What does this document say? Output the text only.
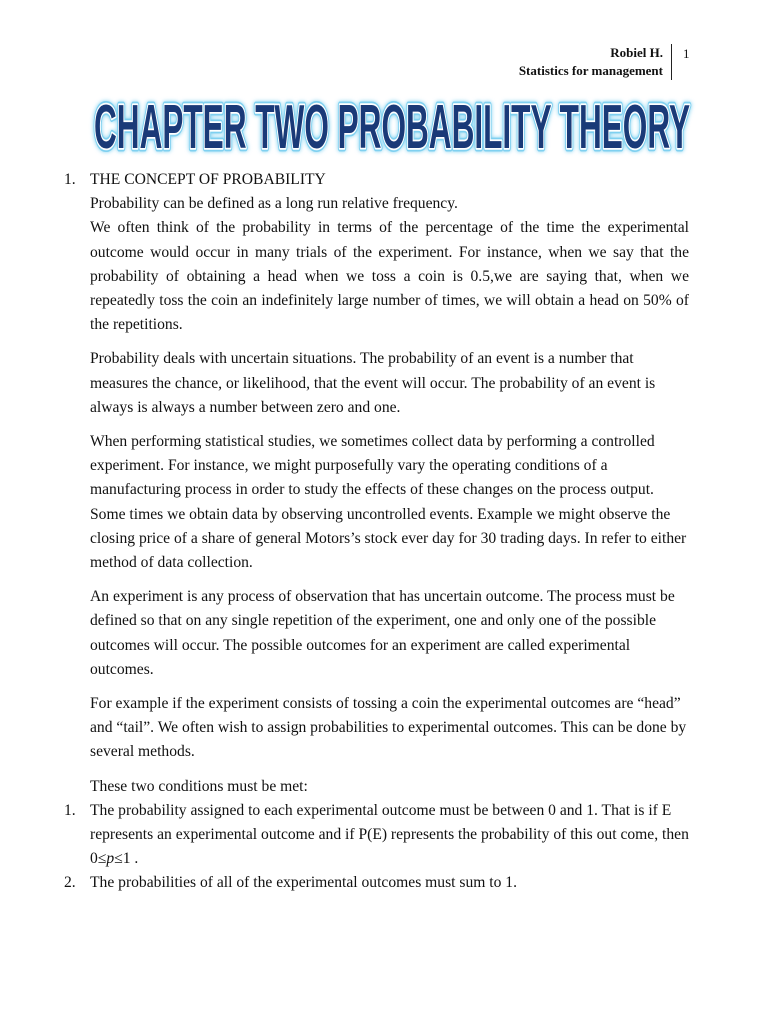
Robiel H.
Statistics for management
1
CHAPTER TWO PROBABILITY THEORY
CHAPTER TWO PROBABILITY THEORY
CHAPTER TWO PROBABILITY THEORY
1. THE CONCEPT OF PROBABILITY

Probability can be defined as a long run relative frequency.

We often think of the probability in terms of the percentage of the time the experimental outcome would occur in many trials of the experiment. For instance, when we say that the probability of obtaining a head when we toss a coin is 0.5,we are saying that, when we repeatedly toss the coin an indefinitely large number of times, we will obtain a head on 50% of the repetitions.

Probability deals with uncertain situations. The probability of an event is a number that measures the chance, or likelihood, that the event will occur. The probability of an event is always is always a number between zero and one.

When performing statistical studies, we sometimes collect data by performing a controlled experiment. For instance, we might purposefully vary the operating conditions of a manufacturing process in order to study the effects of these changes on the process output. Some times we obtain data by observing uncontrolled events. Example we might observe the closing price of a share of general Motors’s stock ever day for 30 trading days. In refer to either method of data collection.

An experiment is any process of observation that has uncertain outcome. The process must be defined so that on any single repetition of the experiment, one and only one of the possible outcomes will occur. The possible outcomes for an experiment are called experimental outcomes.

For example if the experiment consists of tossing a coin the experimental outcomes are “head” and “tail”. We often wish to assign probabilities to experimental outcomes. This can be done by several methods.

These two conditions must be met:

1. The probability assigned to each experimental outcome must be between 0 and 1. That is if E represents an experimental outcome and if P(E) represents the probability of this out come, then 0≤p≤1 .
2. The probabilities of all of the experimental outcomes must sum to 1.
